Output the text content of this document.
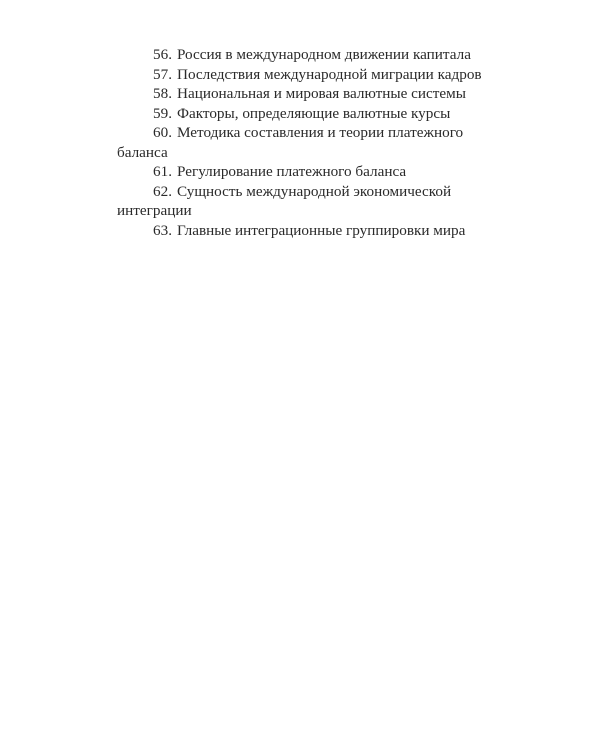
56. Россия в международном движении капитала
57. Последствия международной миграции кадров
58. Национальная и мировая валютные системы
59. Факторы, определяющие валютные курсы
60. Методика составления и теории платежного баланса
61. Регулирование платежного баланса
62. Сущность международной экономической интеграции
63. Главные интеграционные группировки мира
